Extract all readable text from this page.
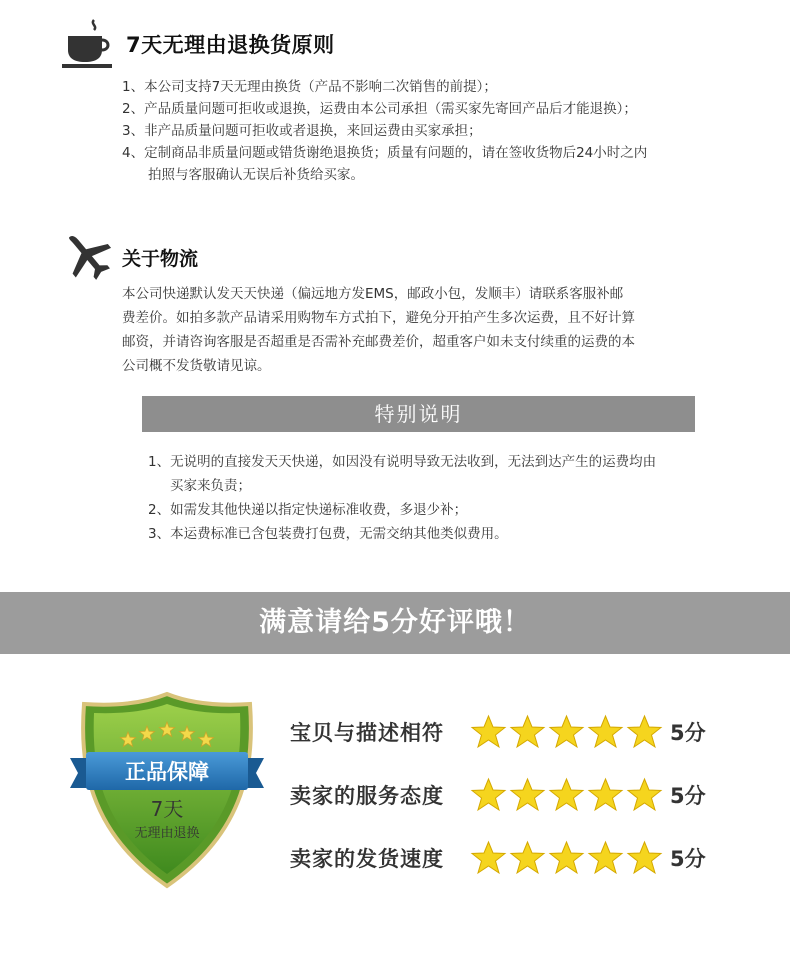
7天无理由退换货原则
1、本公司支持7天无理由换货（产品不影响二次销售的前提）；
2、产品质量问题可拒收或退换，运费由本公司承担（需买家先寄回产品后才能退换）；
3、非产品质量问题可拒收或者退换，来回运费由买家承担；
4、定制商品非质量问题或错货谢绝退换货；质量有问题的，请在签收货物后24小时之内
拍照与客服确认无误后补货给买家。
关于物流
本公司快递默认发天天快递（偏远地方发EMS，邮政小包，发顺丰）请联系客服补邮
费差价。如拍多款产品请采用购物车方式拍下，避免分开拍产生多次运费，且不好计算
邮资，并请咨询客服是否超重是否需补充邮费差价，超重客户如未支付续重的运费的本
公司概不发货敬请见谅。
特别说明
1、无说明的直接发天天快递，如因没有说明导致无法收到，无法到达产生的运费均由
买家来负责；
2、如需发其他快递以指定快递标准收费，多退少补；
3、本运费标准已含包装费打包费，无需交纳其他类似费用。
满意请给5分好评哦！
正品保障
7天
无理由退换
宝贝与描述相符	5分
卖家的服务态度	5分
卖家的发货速度	5分
